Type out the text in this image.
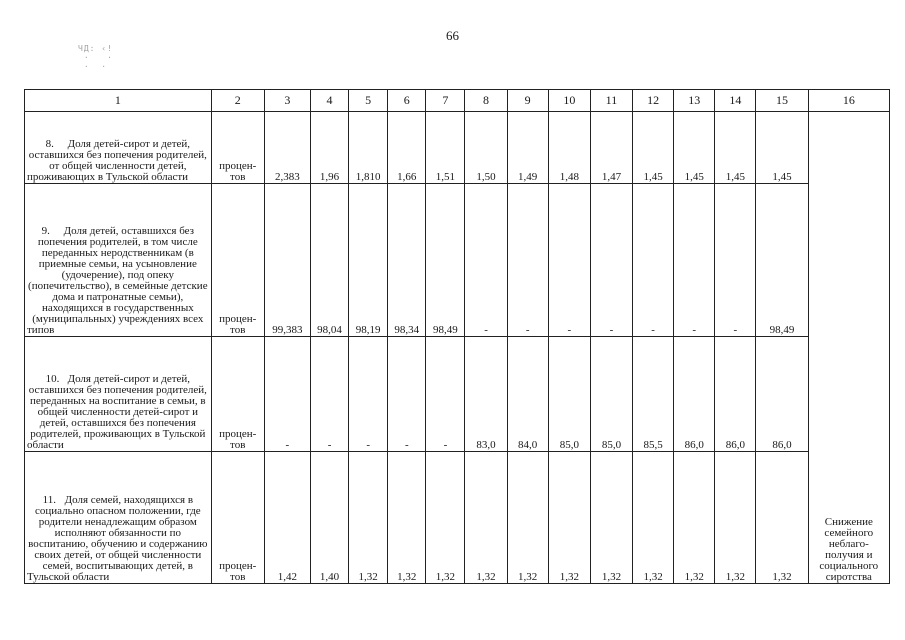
66
ЧД: ‹!
·   ·
·  ·
1	2	3	4	5	6	7	8	9	10	11	12	13	14	15	16
8. Доля детей-сирот и детей, оставшихся без попечения родителей, от общей численности детей, проживающих в Тульской области	процен-тов	2,383	1,96	1,810	1,66	1,51	1,50	1,49	1,48	1,47	1,45	1,45	1,45	1,45	Снижение семейного неблаго-получия и социального сиротства
9. Доля детей, оставшихся без попечения родителей, в том числе переданных неродственникам (в приемные семьи, на усыновление (удочерение), под опеку (попечительство), в семейные детские дома и патронатные семьи), находящихся в государственных (муниципальных) учреждениях всех типов	процен-тов	99,383	98,04	98,19	98,34	98,49	-	-	-	-	-	-	-	98,49	
10. Доля детей-сирот и детей, оставшихся без попечения родителей, переданных на воспитание в семьи, в общей численности детей-сирот и детей, оставшихся без попечения родителей, проживающих в Тульской области	процен-тов	-	-	-	-	-	83,0	84,0	85,0	85,0	85,5	86,0	86,0	86,0	
11. Доля семей, находящихся в социально опасном положении, где родители ненадлежащим образом исполняют обязанности по воспитанию, обучению и содержанию своих детей, от общей численности семей, воспитывающих детей, в Тульской области	процен-тов	1,42	1,40	1,32	1,32	1,32	1,32	1,32	1,32	1,32	1,32	1,32	1,32	1,32	
